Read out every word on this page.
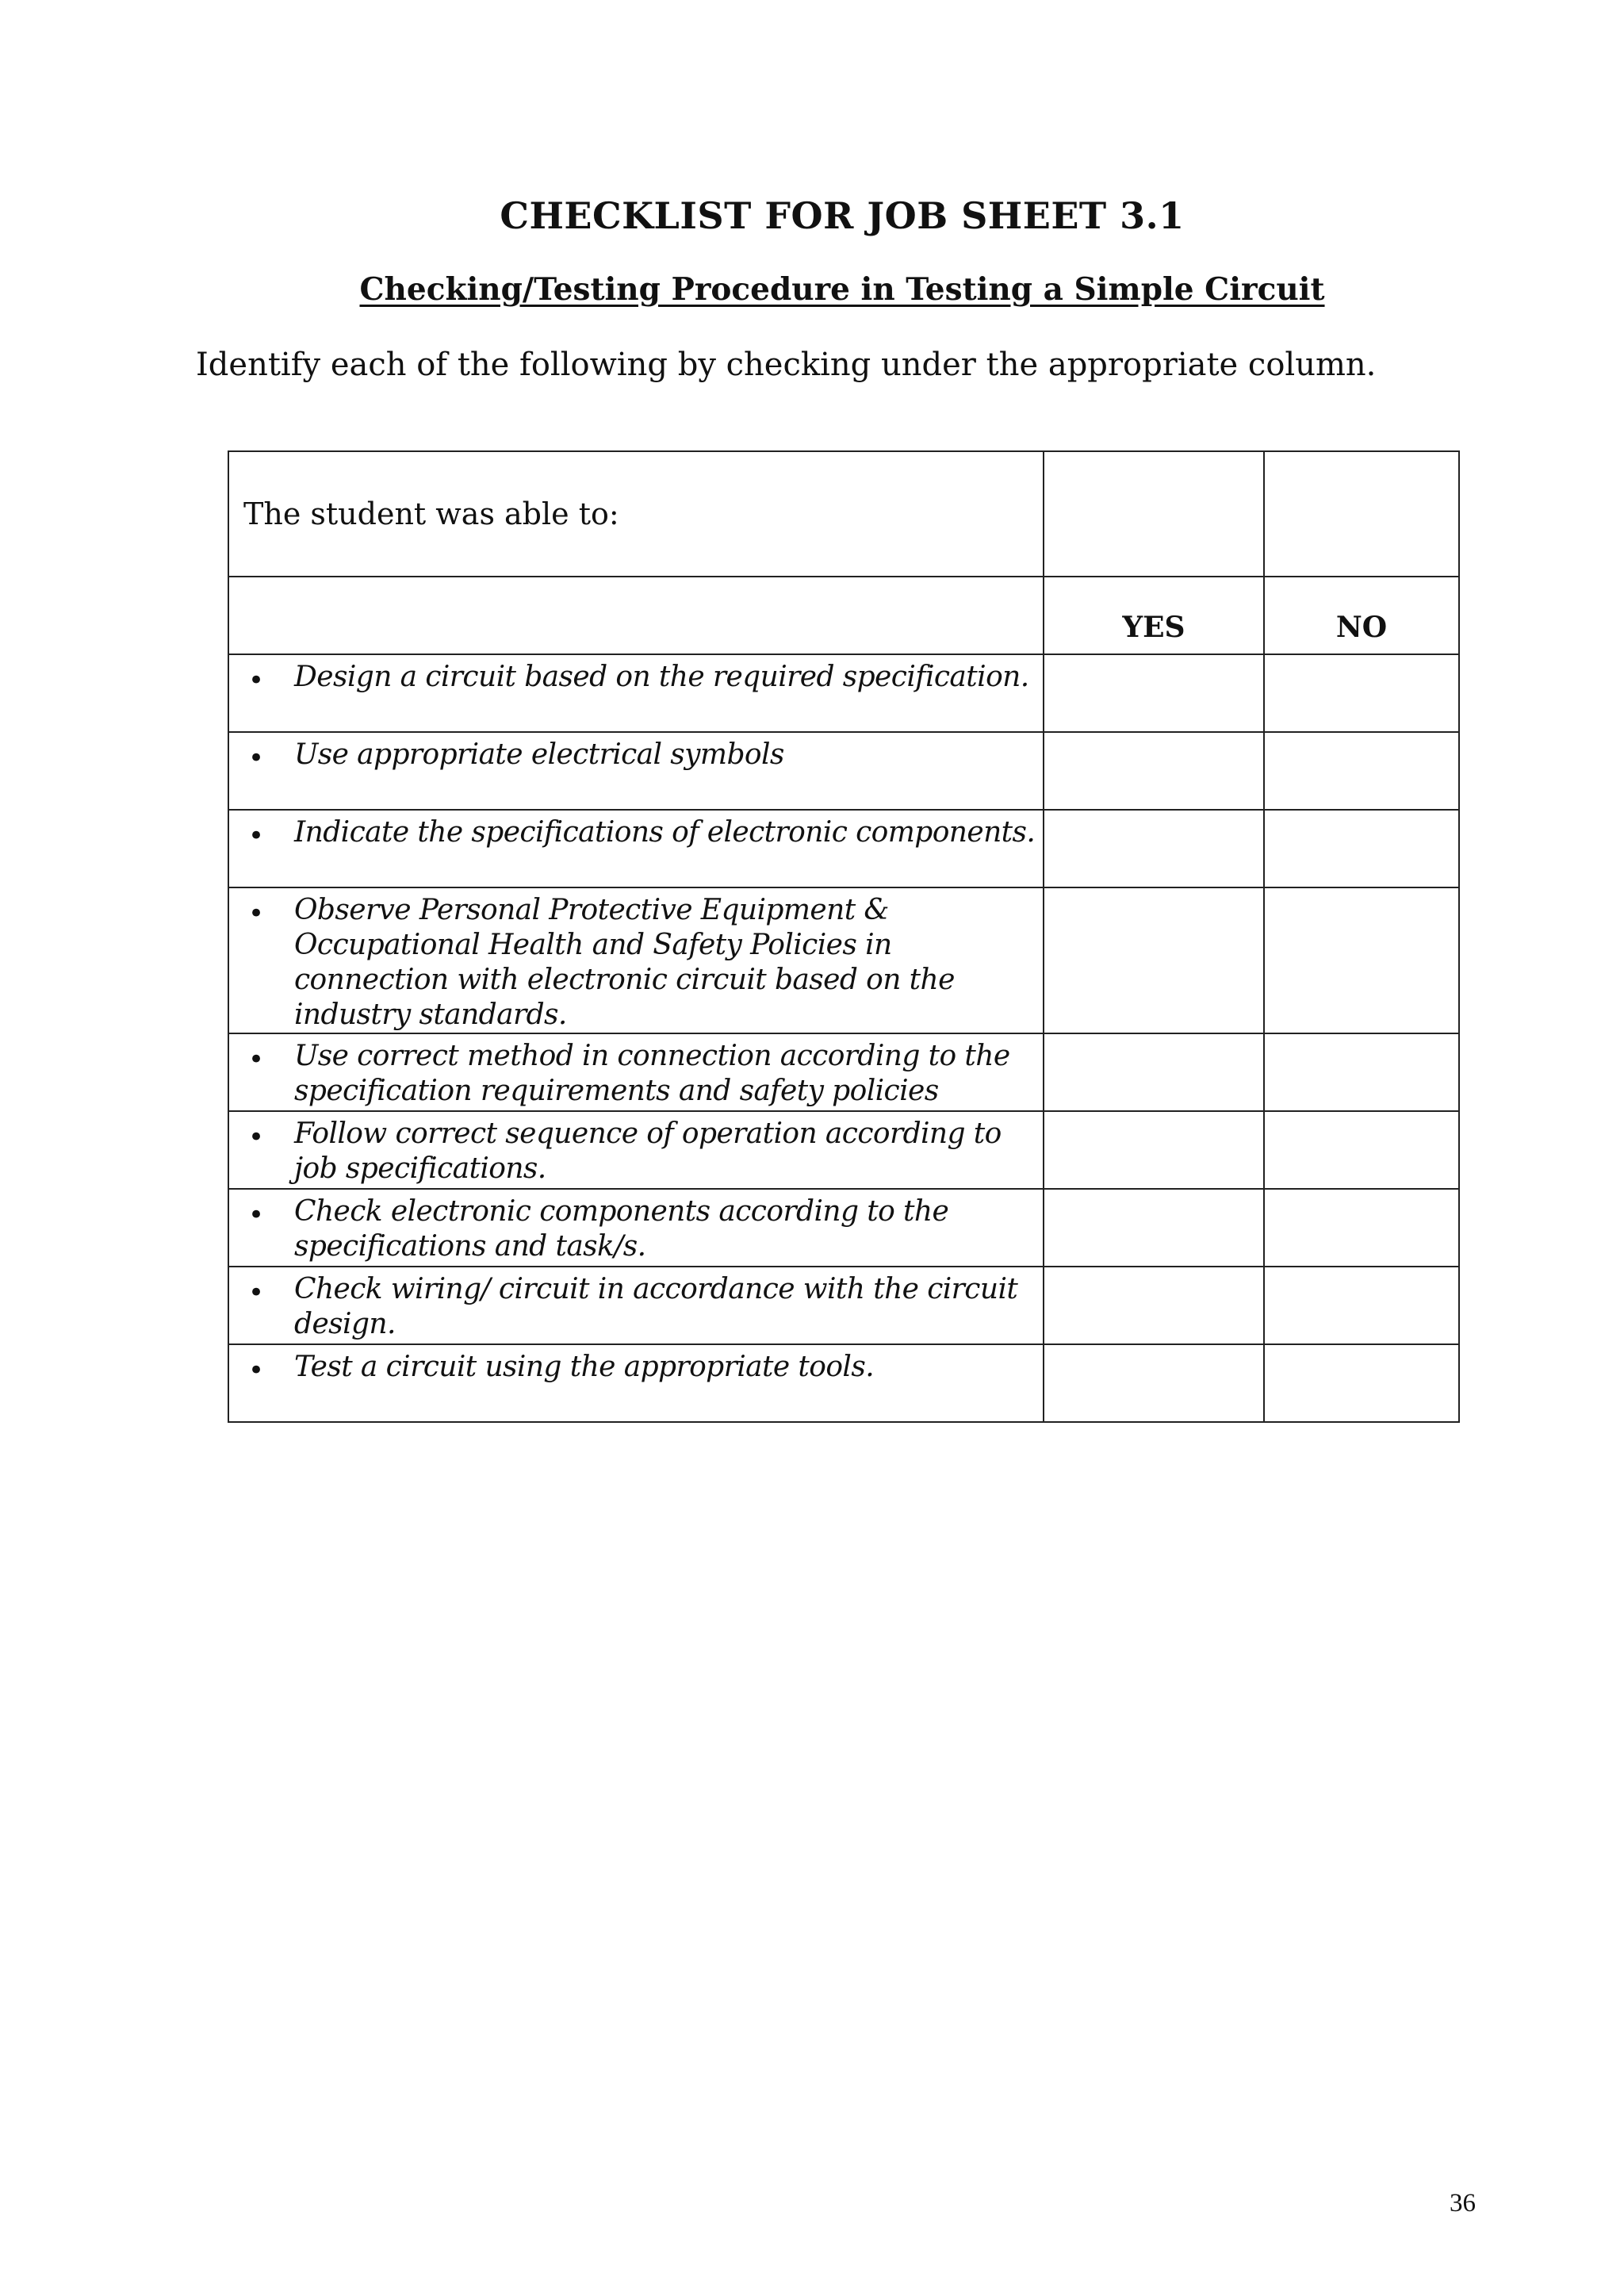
CHECKLIST FOR JOB SHEET 3.1
Checking/Testing Procedure in Testing a Simple Circuit

Identify each of the following by checking under the appropriate column.

The student was able to:		

	YES	NO

• Design a circuit based on the required specification.		

• Use appropriate electrical symbols		

• Indicate the specifications of electronic components.		

• Observe Personal Protective Equipment & Occupational Health and Safety Policies in connection with electronic circuit based on the industry standards.		

• Use correct method in connection according to the specification requirements and safety policies		

• Follow correct sequence of operation according to job specifications.		

• Check electronic components according to the specifications and task/s.		

• Check wiring/ circuit in accordance with the circuit design.		

• Test a circuit using the appropriate tools.		

36
